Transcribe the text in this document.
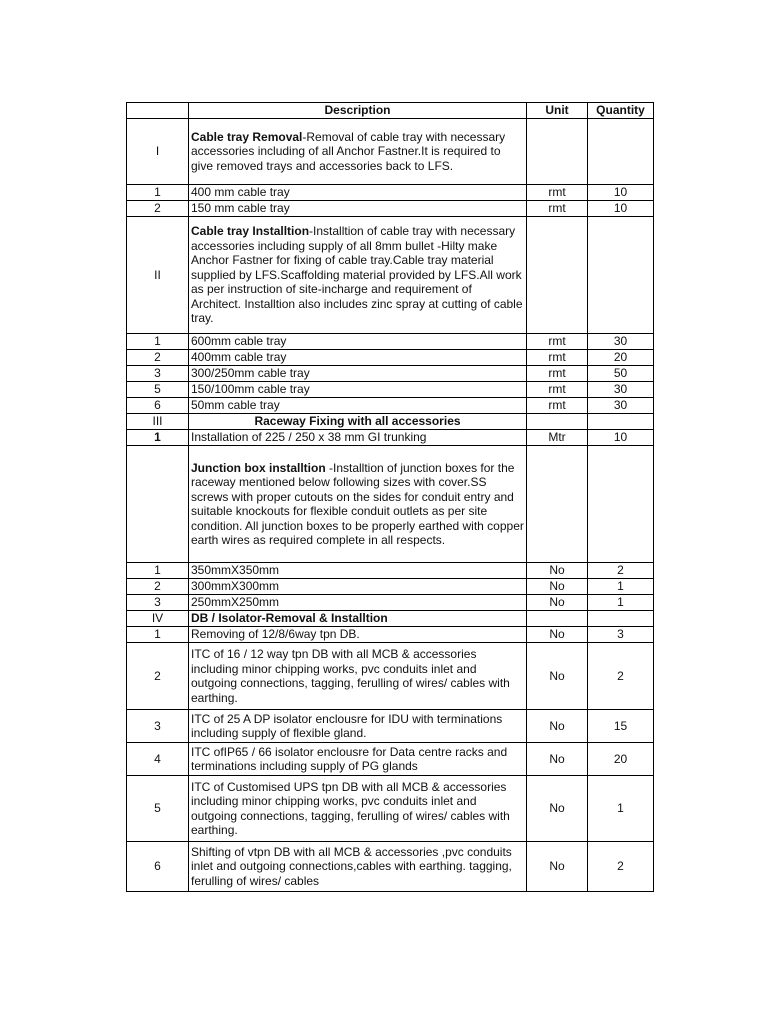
	Description	Unit	Quantity
I	Cable tray Removal-Removal of cable tray with necessary accessories including of all Anchor Fastner.It is required to give removed trays and accessories back to LFS.		
1	400 mm cable tray	rmt	10
2	150 mm cable tray	rmt	10
II	Cable tray Installtion-Installtion of cable tray with necessary accessories including supply of all 8mm bullet -Hilty make Anchor Fastner for fixing of cable tray.Cable tray material supplied by LFS.Scaffolding material provided by LFS.All work as per instruction of site-incharge and requirement of Architect. Installtion also includes zinc spray at cutting of cable tray.		
1	600mm cable tray	rmt	30
2	400mm cable tray	rmt	20
3	300/250mm cable tray	rmt	50
5	150/100mm cable tray	rmt	30
6	50mm cable tray	rmt	30
III	Raceway Fixing with all accessories		
1	Installation of 225 / 250 x 38 mm GI trunking	Mtr	10
	Junction box installtion -Installtion of junction boxes for the raceway mentioned below following sizes with cover.SS screws with proper cutouts on the sides for conduit entry and suitable knockouts for flexible conduit outlets as per site condition. All junction boxes to be properly earthed with copper earth wires as required complete in all respects.		
1	350mmX350mm	No	2
2	300mmX300mm	No	1
3	250mmX250mm	No	1
IV	DB / Isolator-Removal & Installtion		
1	Removing of 12/8/6way tpn DB.	No	3
2	ITC of 16 / 12 way tpn DB with all MCB & accessories including minor chipping works, pvc conduits inlet and outgoing connections, tagging, ferulling of wires/ cables with earthing.	No	2
3	ITC of 25 A DP isolator enclousre for IDU with terminations including supply of flexible gland.	No	15
4	ITC ofIP65 / 66 isolator enclousre for Data centre racks and terminations including supply of PG glands	No	20
5	ITC of Customised UPS tpn DB with all MCB & accessories including minor chipping works, pvc conduits inlet and outgoing connections, tagging, ferulling of wires/ cables with earthing.	No	1
6	Shifting of vtpn DB with all MCB & accessories ,pvc conduits inlet and outgoing connections,cables with earthing. tagging, ferulling of wires/ cables	No	2
